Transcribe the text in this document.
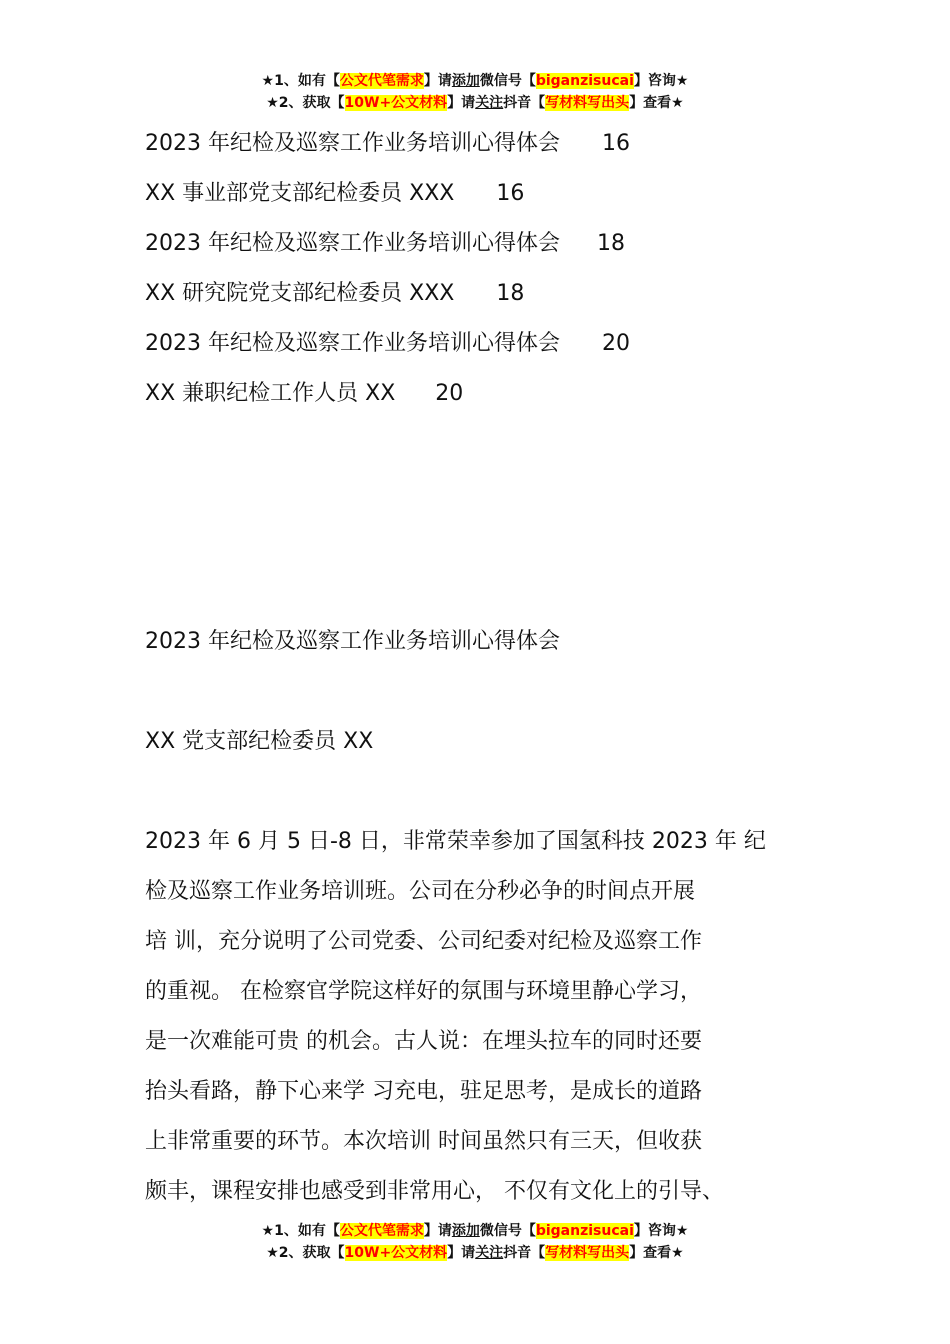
★1、如有【公文代笔需求】请添加微信号【biganzisucai】咨询★
★2、获取【10W+公文材料】请关注抖音【写材料写出头】查看★
2023 年纪检及巡察工作业务培训心得体会 16
XX 事业部党支部纪检委员 XXX 16
2023 年纪检及巡察工作业务培训心得体会 18
XX 研究院党支部纪检委员 XXX 18
2023 年纪检及巡察工作业务培训心得体会 20
XX 兼职纪检工作人员 XX 20
2023 年纪检及巡察工作业务培训心得体会
XX 党支部纪检委员 XX
2023 年 6 月 5 日-8 日，非常荣幸参加了国氢科技 2023 年 纪
检及巡察工作业务培训班。公司在分秒必争的时间点开展
培 训，充分说明了公司党委、公司纪委对纪检及巡察工作
的重视。 在检察官学院这样好的氛围与环境里静心学习，
是一次难能可贵 的机会。古人说：在埋头拉车的同时还要
抬头看路，静下心来学 习充电，驻足思考，是成长的道路
上非常重要的环节。本次培训 时间虽然只有三天，但收获
颇丰，课程安排也感受到非常用心， 不仅有文化上的引导、
★1、如有【公文代笔需求】请添加微信号【biganzisucai】咨询★
★2、获取【10W+公文材料】请关注抖音【写材料写出头】查看★
